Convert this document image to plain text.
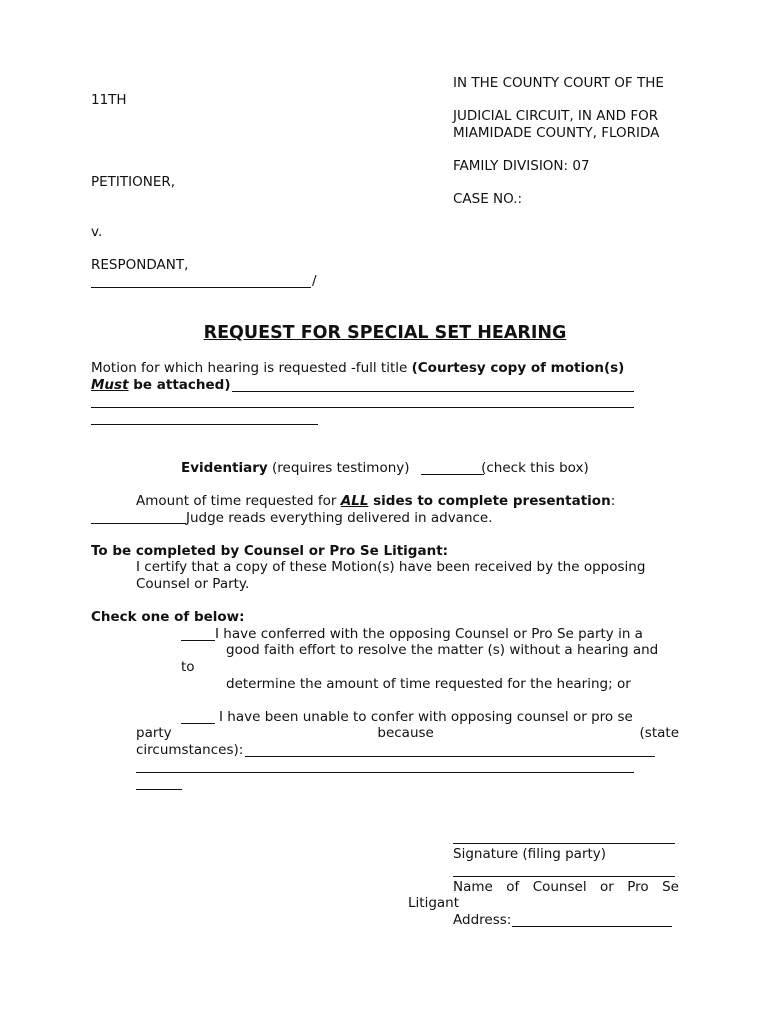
IN THE COUNTY COURT OF THE
11TH
JUDICIAL CIRCUIT, IN AND FOR
MIAMIDADE COUNTY, FLORIDA
FAMILY DIVISION: 07
PETITIONER,
CASE NO.:
v.
RESPONDANT,
/
REQUEST FOR SPECIAL SET HEARING
Motion for which hearing is requested -full title (Courtesy copy of motion(s)
Must be attached)
Evidentiary (requires testimony)	(check this box)
Amount of time requested for ALL sides to complete presentation:
Judge reads everything delivered in advance.
To be completed by Counsel or Pro Se Litigant:
I certify that a copy of these Motion(s) have been received by the opposing
Counsel or Party.
Check one of below:
I have conferred with the opposing Counsel or Pro Se party in a
good faith effort to resolve the matter (s) without a hearing and
to
determine the amount of time requested for the hearing; or
I have been unable to confer with opposing counsel or pro se
party	because	(state
circumstances):
Signature (filing party)
Name of Counsel or Pro Se
Litigant
Address:
